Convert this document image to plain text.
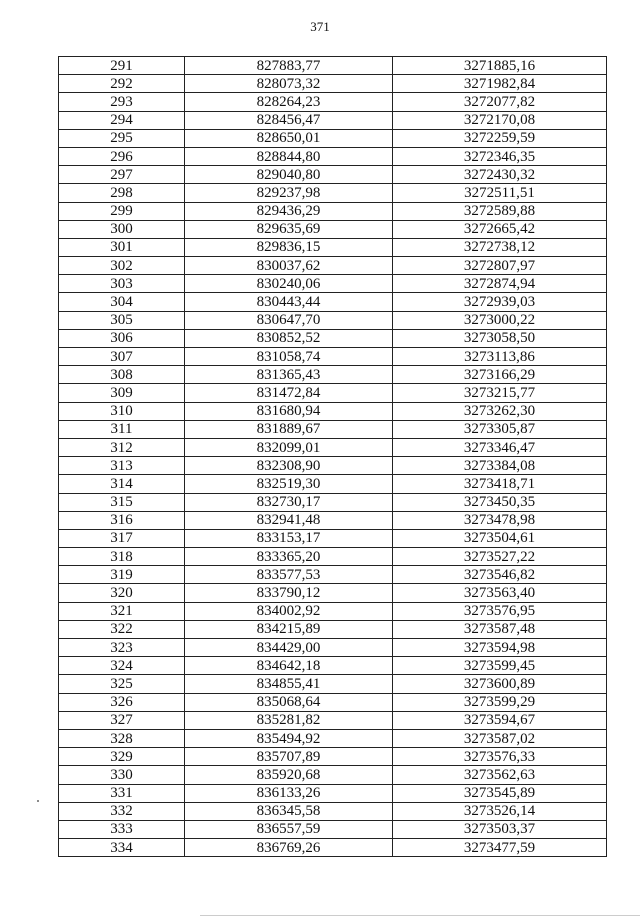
371
291	827883,77	3271885,16
292	828073,32	3271982,84
293	828264,23	3272077,82
294	828456,47	3272170,08
295	828650,01	3272259,59
296	828844,80	3272346,35
297	829040,80	3272430,32
298	829237,98	3272511,51
299	829436,29	3272589,88
300	829635,69	3272665,42
301	829836,15	3272738,12
302	830037,62	3272807,97
303	830240,06	3272874,94
304	830443,44	3272939,03
305	830647,70	3273000,22
306	830852,52	3273058,50
307	831058,74	3273113,86
308	831365,43	3273166,29
309	831472,84	3273215,77
310	831680,94	3273262,30
311	831889,67	3273305,87
312	832099,01	3273346,47
313	832308,90	3273384,08
314	832519,30	3273418,71
315	832730,17	3273450,35
316	832941,48	3273478,98
317	833153,17	3273504,61
318	833365,20	3273527,22
319	833577,53	3273546,82
320	833790,12	3273563,40
321	834002,92	3273576,95
322	834215,89	3273587,48
323	834429,00	3273594,98
324	834642,18	3273599,45
325	834855,41	3273600,89
326	835068,64	3273599,29
327	835281,82	3273594,67
328	835494,92	3273587,02
329	835707,89	3273576,33
330	835920,68	3273562,63
331	836133,26	3273545,89
332	836345,58	3273526,14
333	836557,59	3273503,37
334	836769,26	3273477,59
